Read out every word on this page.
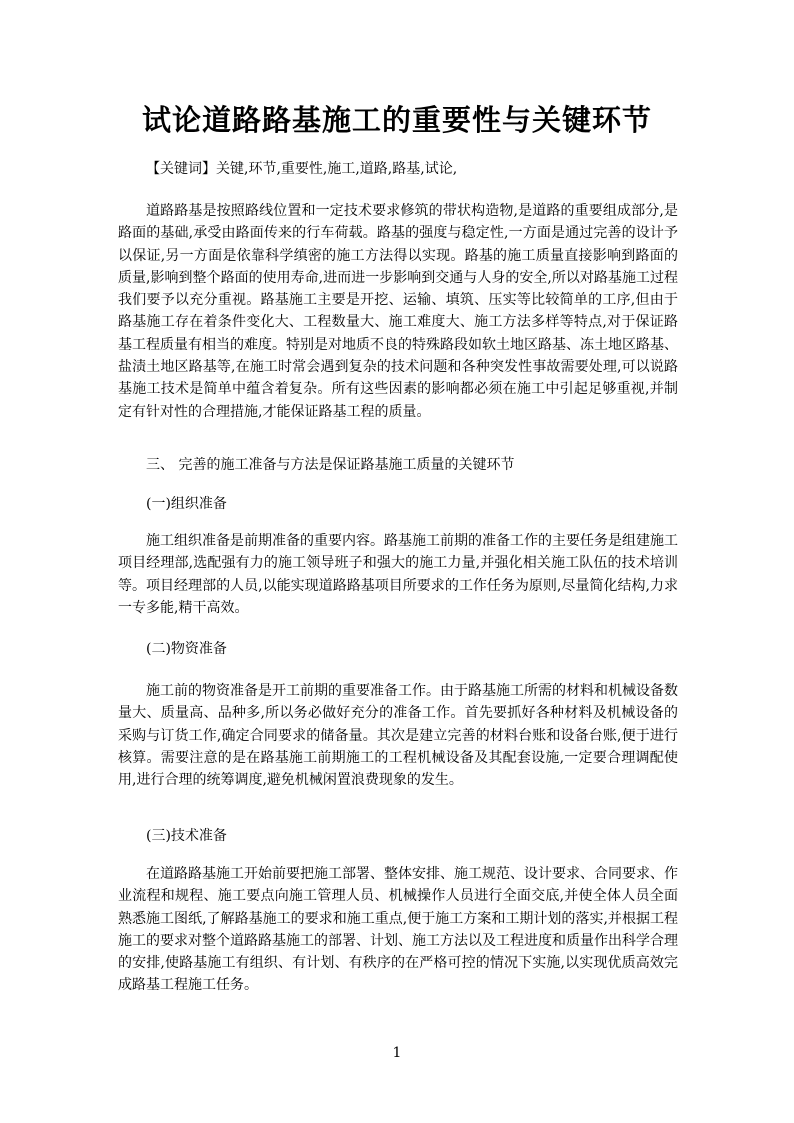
试论道路路基施工的重要性与关键环节

【关键词】关键,环节,重要性,施工,道路,路基,试论,

道路路基是按照路线位置和一定技术要求修筑的带状构造物,是道路的重要组成部分,是路面的基础,承受由路面传来的行车荷载。路基的强度与稳定性,一方面是通过完善的设计予以保证,另一方面是依靠科学缜密的施工方法得以实现。路基的施工质量直接影响到路面的质量,影响到整个路面的使用寿命,进而进一步影响到交通与人身的安全,所以对路基施工过程我们要予以充分重视。路基施工主要是开挖、运输、填筑、压实等比较简单的工序,但由于路基施工存在着条件变化大、工程数量大、施工难度大、施工方法多样等特点,对于保证路基工程质量有相当的难度。特别是对地质不良的特殊路段如软土地区路基、冻土地区路基、盐渍土地区路基等,在施工时常会遇到复杂的技术问题和各种突发性事故需要处理,可以说路基施工技术是简单中蕴含着复杂。所有这些因素的影响都必须在施工中引起足够重视,并制定有针对性的合理措施,才能保证路基工程的质量。

三、 完善的施工准备与方法是保证路基施工质量的关键环节

(一)组织准备

施工组织准备是前期准备的重要内容。路基施工前期的准备工作的主要任务是组建施工项目经理部,选配强有力的施工领导班子和强大的施工力量,并强化相关施工队伍的技术培训等。项目经理部的人员,以能实现道路路基项目所要求的工作任务为原则,尽量简化结构,力求一专多能,精干高效。

(二)物资准备

施工前的物资准备是开工前期的重要准备工作。由于路基施工所需的材料和机械设备数量大、质量高、品种多,所以务必做好充分的准备工作。首先要抓好各种材料及机械设备的采购与订货工作,确定合同要求的储备量。其次是建立完善的材料台账和设备台账,便于进行核算。需要注意的是在路基施工前期施工的工程机械设备及其配套设施,一定要合理调配使用,进行合理的统筹调度,避免机械闲置浪费现象的发生。

(三)技术准备

在道路路基施工开始前要把施工部署、整体安排、施工规范、设计要求、合同要求、作业流程和规程、施工要点向施工管理人员、机械操作人员进行全面交底,并使全体人员全面熟悉施工图纸,了解路基施工的要求和施工重点,便于施工方案和工期计划的落实,并根据工程施工的要求对整个道路路基施工的部署、计划、施工方法以及工程进度和质量作出科学合理的安排,使路基施工有组织、有计划、有秩序的在严格可控的情况下实施,以实现优质高效完成路基工程施工任务。

1
